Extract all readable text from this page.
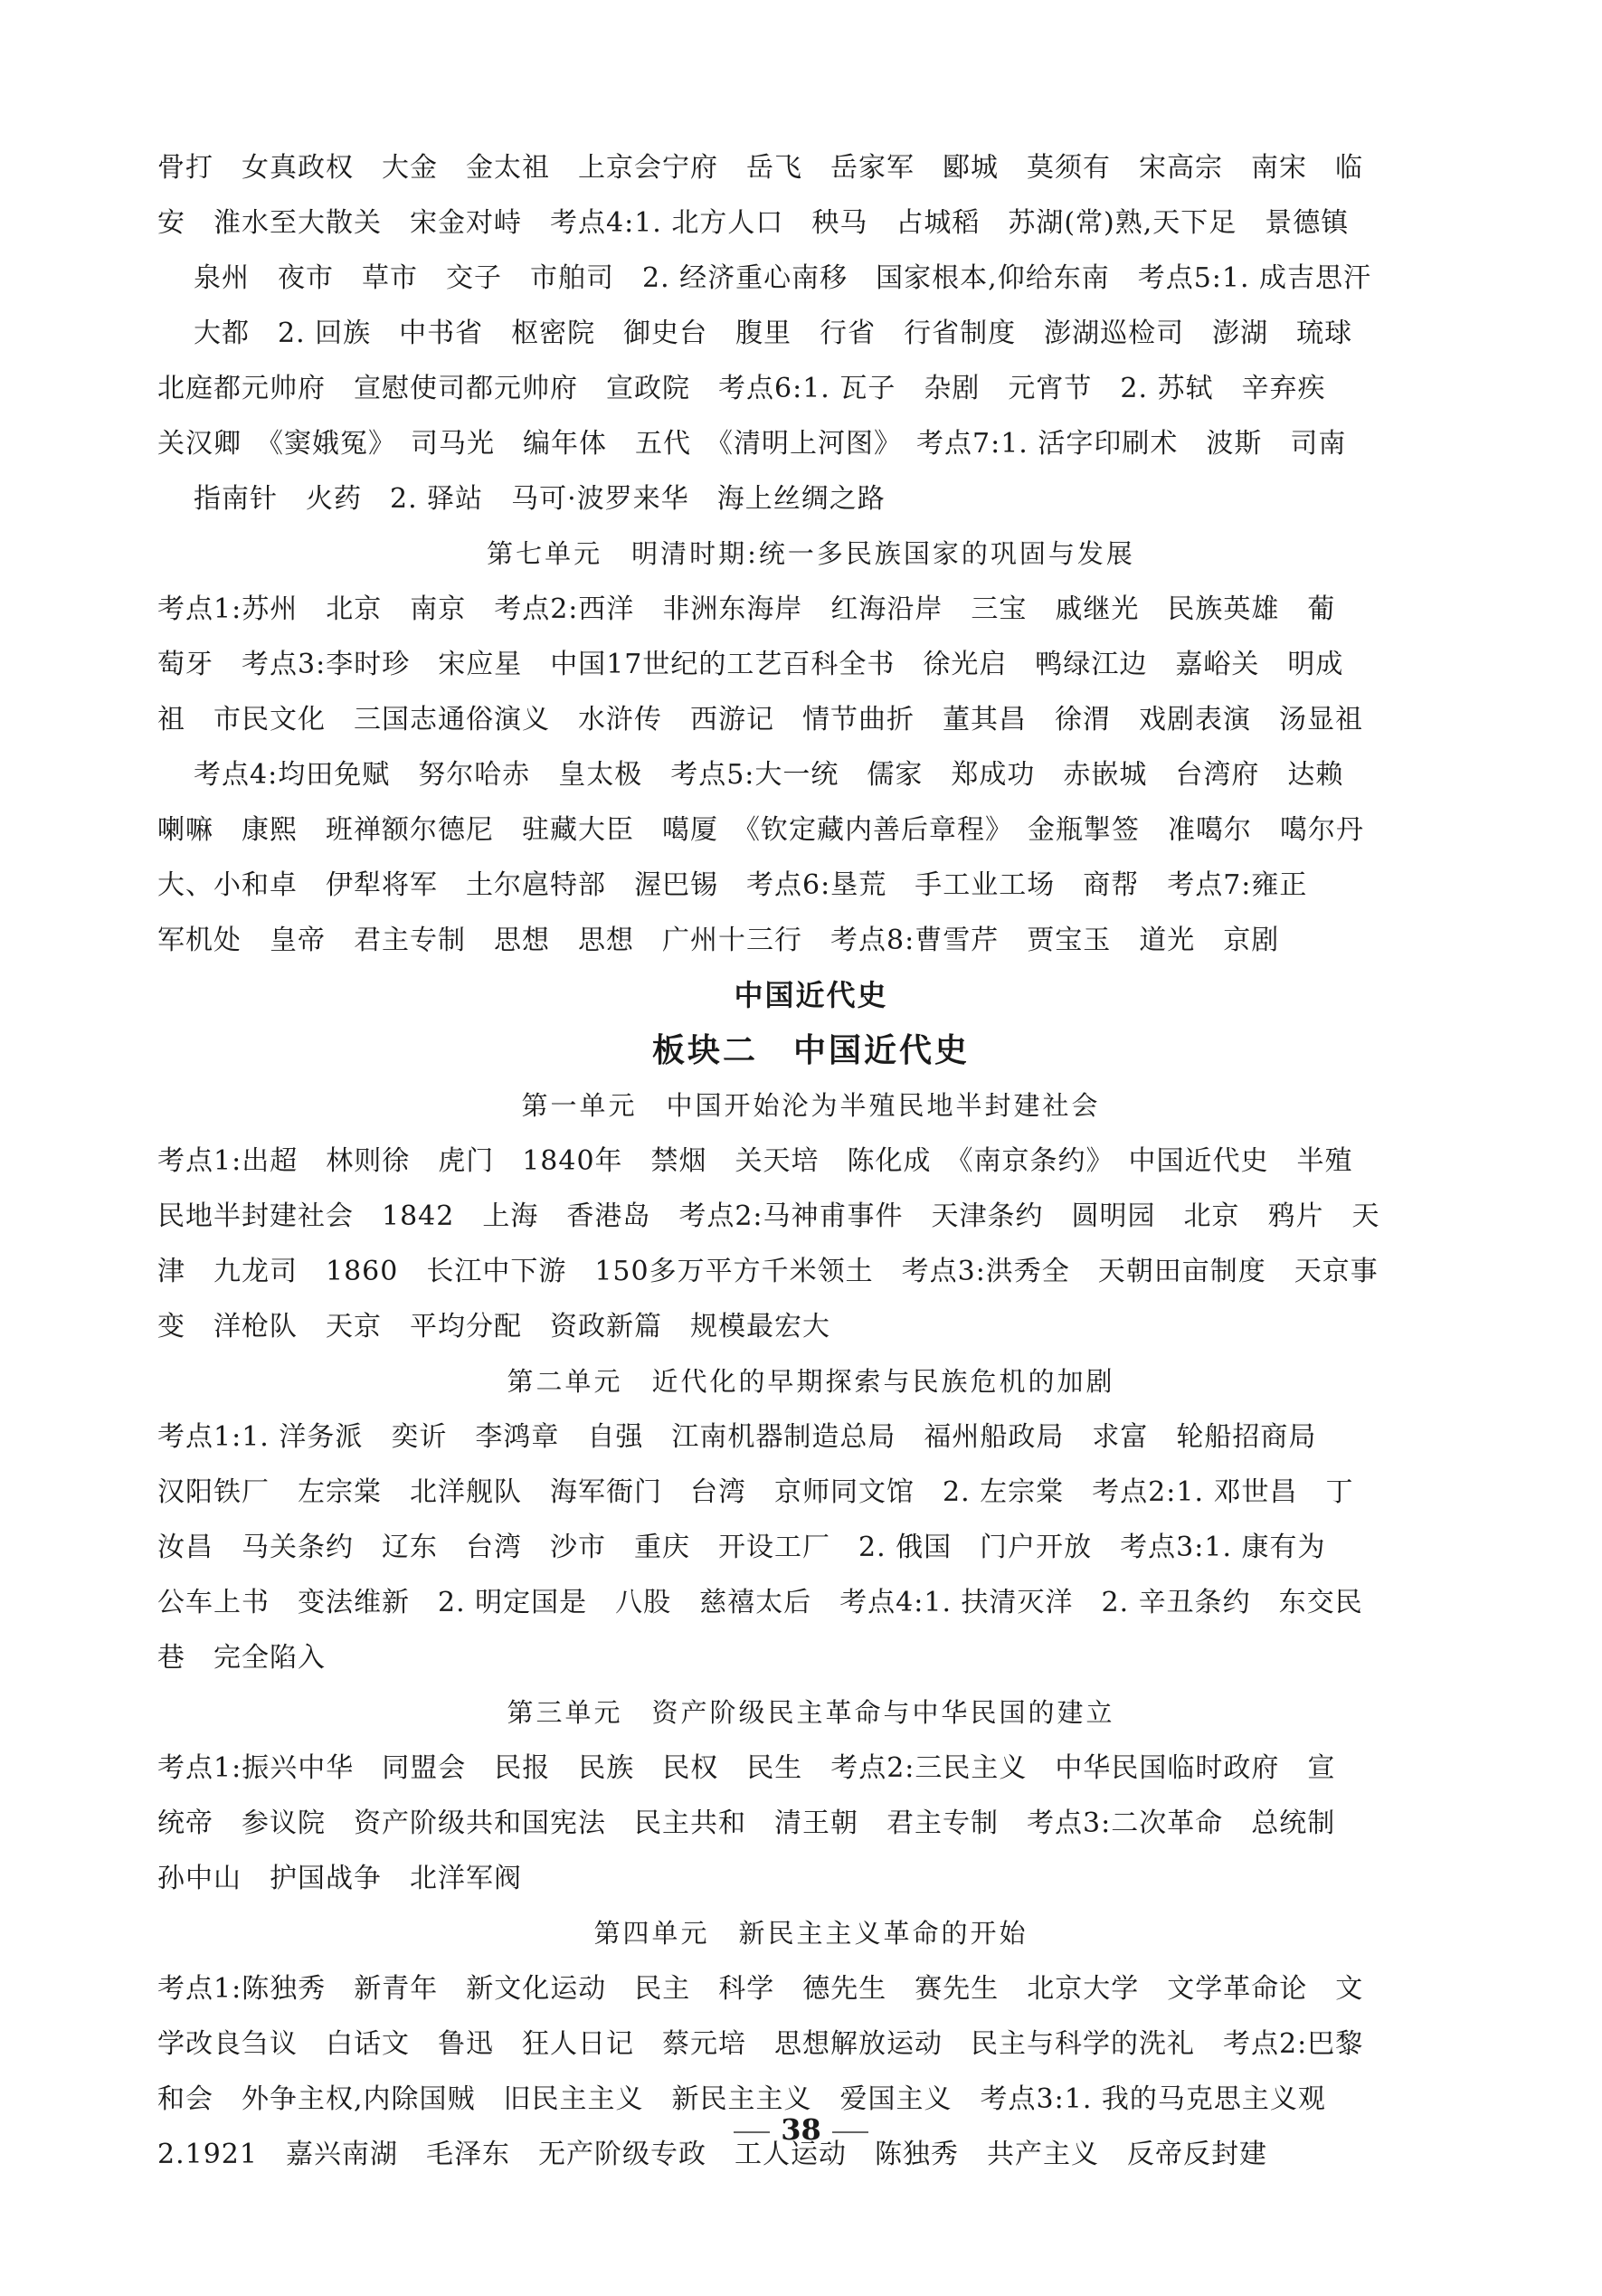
骨打　女真政权　大金　金太祖　上京会宁府　岳飞　岳家军　郾城　莫须有　宋高宗　南宋　临
安　淮水至大散关　宋金对峙　考点4:1. 北方人口　秧马　占城稻　苏湖(常)熟,天下足　景德镇
泉州　夜市　草市　交子　市舶司　2. 经济重心南移　国家根本,仰给东南　考点5:1. 成吉思汗
大都　2. 回族　中书省　枢密院　御史台　腹里　行省　行省制度　澎湖巡检司　澎湖　琉球
北庭都元帅府　宣慰使司都元帅府　宣政院　考点6:1. 瓦子　杂剧　元宵节　2. 苏轼　辛弃疾
关汉卿　《窦娥冤》　司马光　编年体　五代　《清明上河图》　考点7:1. 活字印刷术　波斯　司南
指南针　火药　2. 驿站　马可·波罗来华　海上丝绸之路
第七单元　明清时期:统一多民族国家的巩固与发展
考点1:苏州　北京　南京　考点2:西洋　非洲东海岸　红海沿岸　三宝　戚继光　民族英雄　葡
萄牙　考点3:李时珍　宋应星　中国17世纪的工艺百科全书　徐光启　鸭绿江边　嘉峪关　明成
祖　市民文化　三国志通俗演义　水浒传　西游记　情节曲折　董其昌　徐渭　戏剧表演　汤显祖
考点4:均田免赋　努尔哈赤　皇太极　考点5:大一统　儒家　郑成功　赤嵌城　台湾府　达赖
喇嘛　康熙　班禅额尔德尼　驻藏大臣　噶厦　《钦定藏内善后章程》　金瓶掣签　准噶尔　噶尔丹
大、小和卓　伊犁将军　土尔扈特部　渥巴锡　考点6:垦荒　手工业工场　商帮　考点7:雍正
军机处　皇帝　君主专制　思想　思想　广州十三行　考点8:曹雪芹　贾宝玉　道光　京剧
中国近代史
板块二　中国近代史
第一单元　中国开始沦为半殖民地半封建社会
考点1:出超　林则徐　虎门　1840年　禁烟　关天培　陈化成　《南京条约》　中国近代史　半殖
民地半封建社会　1842　上海　香港岛　考点2:马神甫事件　天津条约　圆明园　北京　鸦片　天
津　九龙司　1860　长江中下游　150多万平方千米领土　考点3:洪秀全　天朝田亩制度　天京事
变　洋枪队　天京　平均分配　资政新篇　规模最宏大
第二单元　近代化的早期探索与民族危机的加剧
考点1:1. 洋务派　奕䜣　李鸿章　自强　江南机器制造总局　福州船政局　求富　轮船招商局
汉阳铁厂　左宗棠　北洋舰队　海军衙门　台湾　京师同文馆　2. 左宗棠　考点2:1. 邓世昌　丁
汝昌　马关条约　辽东　台湾　沙市　重庆　开设工厂　2. 俄国　门户开放　考点3:1. 康有为
公车上书　变法维新　2. 明定国是　八股　慈禧太后　考点4:1. 扶清灭洋　2. 辛丑条约　东交民
巷　完全陷入
第三单元　资产阶级民主革命与中华民国的建立
考点1:振兴中华　同盟会　民报　民族　民权　民生　考点2:三民主义　中华民国临时政府　宣
统帝　参议院　资产阶级共和国宪法　民主共和　清王朝　君主专制　考点3:二次革命　总统制
孙中山　护国战争　北洋军阀
第四单元　新民主主义革命的开始
考点1:陈独秀　新青年　新文化运动　民主　科学　德先生　赛先生　北京大学　文学革命论　文
学改良刍议　白话文　鲁迅　狂人日记　蔡元培　思想解放运动　民主与科学的洗礼　考点2:巴黎
和会　外争主权,内除国贼　旧民主主义　新民主主义　爱国主义　考点3:1. 我的马克思主义观
2.1921　嘉兴南湖　毛泽东　无产阶级专政　工人运动　陈独秀　共产主义　反帝反封建
38
